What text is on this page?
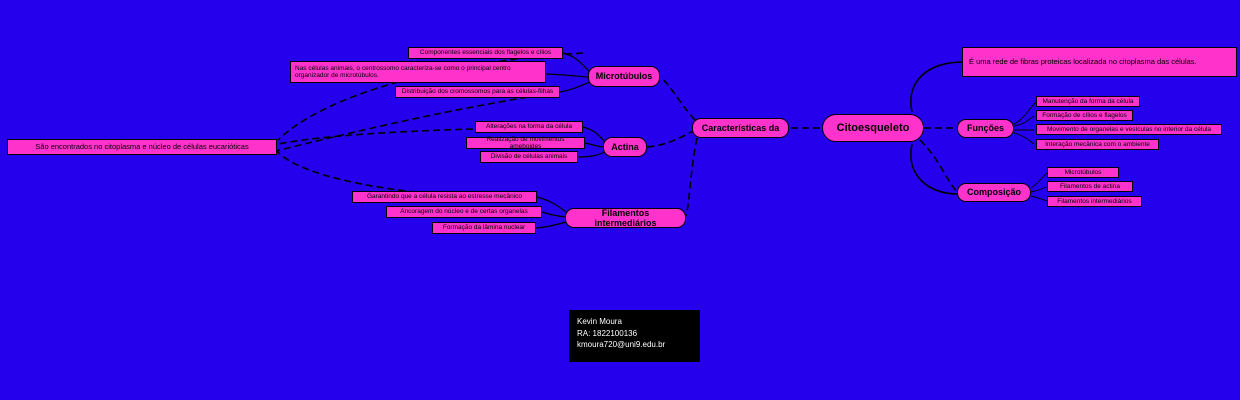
Citoesqueleto
Características da	Funções
Composição
É uma rede de fibras proteicas localizada no citoplasma das células.
São encontrados no citoplasma e núcleo de células eucarióticas
Microtúbulos
Actina
Filamentos intermediários
Componentes essenciais dos flagelos e cílios
Nas células animais, o centrossomo caracteriza-se como o principal centro organizador de microtúbulos.
Distribuição dos cromossomos para as células-filhas
Alterações na forma da célula
Realização de movimentos ameboides
Divisão de células animais
Garantindo que a célula resista ao estresse mecânico
Ancoragem do núcleo e de certas organelas
Formação da lâmina nuclear
Manutenção da forma da célula
Formação de cílios e flagelos
Movimento de organelas e vesículas no interior da célula
Interação mecânica com o ambiente
Microtúbulos
Filamentos de actina
Filamentos intermediários
Kevin Moura
RA: 1822100136
kmoura720@uni9.edu.br
